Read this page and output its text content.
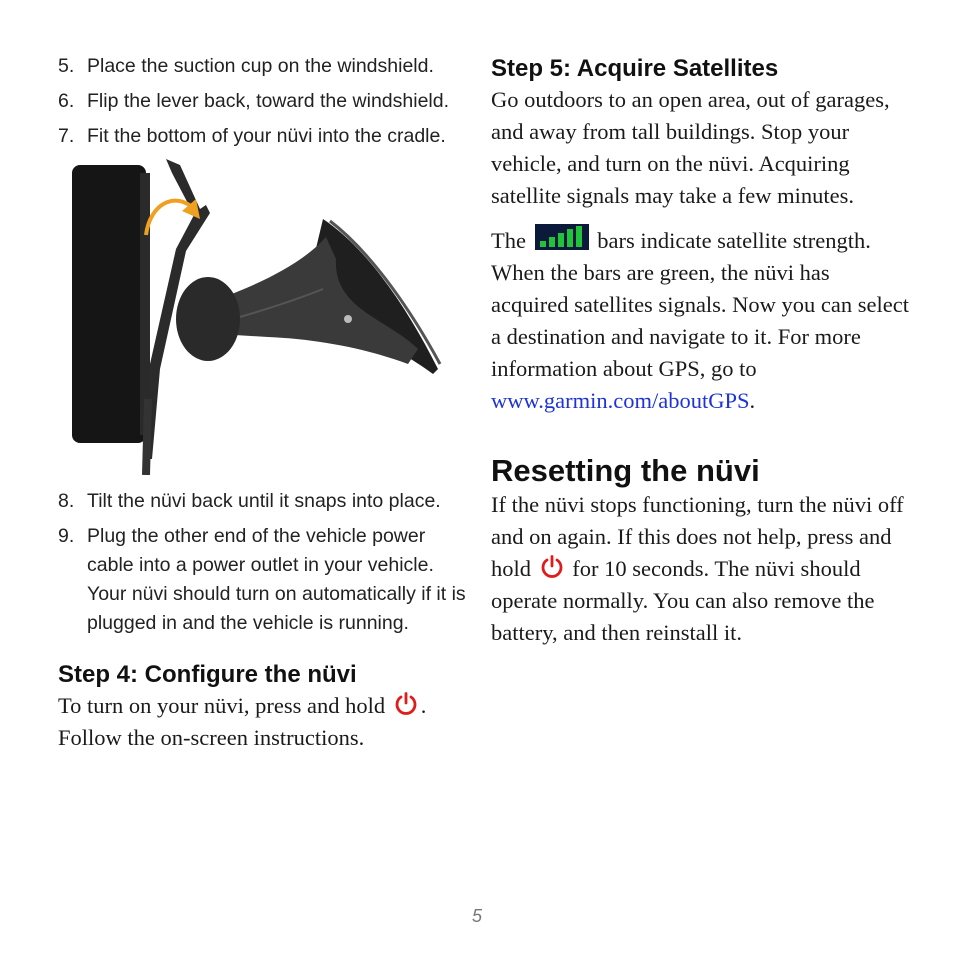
5. Place the suction cup on the windshield.
6. Flip the lever back, toward the windshield.
7. Fit the bottom of your nüvi into the cradle.
8. Tilt the nüvi back until it snaps into place.
9. Plug the other end of the vehicle power cable into a power outlet in your vehicle. Your nüvi should turn on automatically if it is plugged in and the vehicle is running.
Step 4: Configure the nüvi

To turn on your nüvi, press and hold . Follow the on-screen instructions.

Step 5: Acquire Satellites

Go outdoors to an open area, out of garages, and away from tall buildings. Stop your vehicle, and turn on the nüvi. Acquiring satellite signals may take a few minutes.

The	bars indicate satellite strength. When the bars are green, the nüvi has acquired satellites signals. Now you can select a destination and navigate to it. For more information about GPS, go to www.garmin.com/aboutGPS.

Resetting the nüvi

If the nüvi stops functioning, turn the nüvi off and on again. If this does not help, press and hold for 10 seconds. The nüvi should operate normally. You can also remove the battery, and then reinstall it.

5
